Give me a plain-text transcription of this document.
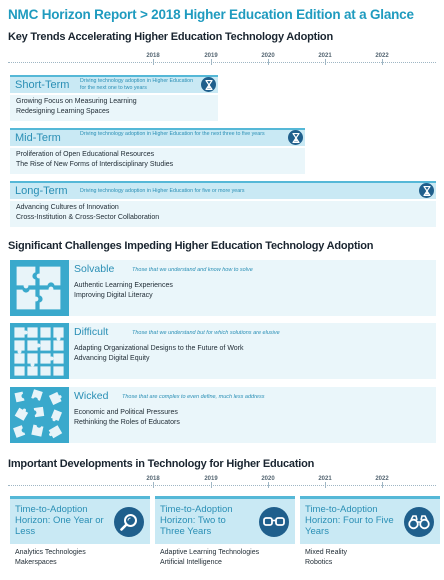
NMC Horizon Report > 2018 Higher Education Edition at a Glance
Key Trends Accelerating Higher Education Technology Adoption
2018	2019	2020	2021	2022
Short-Term Driving technology adoption in Higher Education for the next one to two years
Growing Focus on Measuring Learning
Redesigning Learning Spaces
Mid-Term	Driving technology adoption in Higher Education for the next three to five years
Proliferation of Open Educational Resources
The Rise of New Forms of Interdisciplinary Studies
Long-Term Driving technology adoption in Higher Education for five or more years
Advancing Cultures of Innovation
Cross-Institution & Cross-Sector Collaboration
Significant Challenges Impeding Higher Education Technology Adoption
Solvable	Those that we understand and know how to solve
Authentic Learning Experiences
Improving Digital Literacy
Difficult	Those that we understand but for which solutions are elusive
Adapting Organizational Designs to the Future of Work
Advancing Digital Equity
Wicked Those that are complex to even define, much less address
Economic and Political Pressures
Rethinking the Roles of Educators
Important Developments in Technology for Higher Education
2018	2019	2020	2021	2022
Time-to-Adoption Horizon: One Year or Less
Analytics Technologies
Makerspaces
Time-to-Adoption Horizon: Two to Three Years
Adaptive Learning Technologies
Artificial Intelligence
Time-to-Adoption Horizon: Four to Five Years
Mixed Reality
Robotics
